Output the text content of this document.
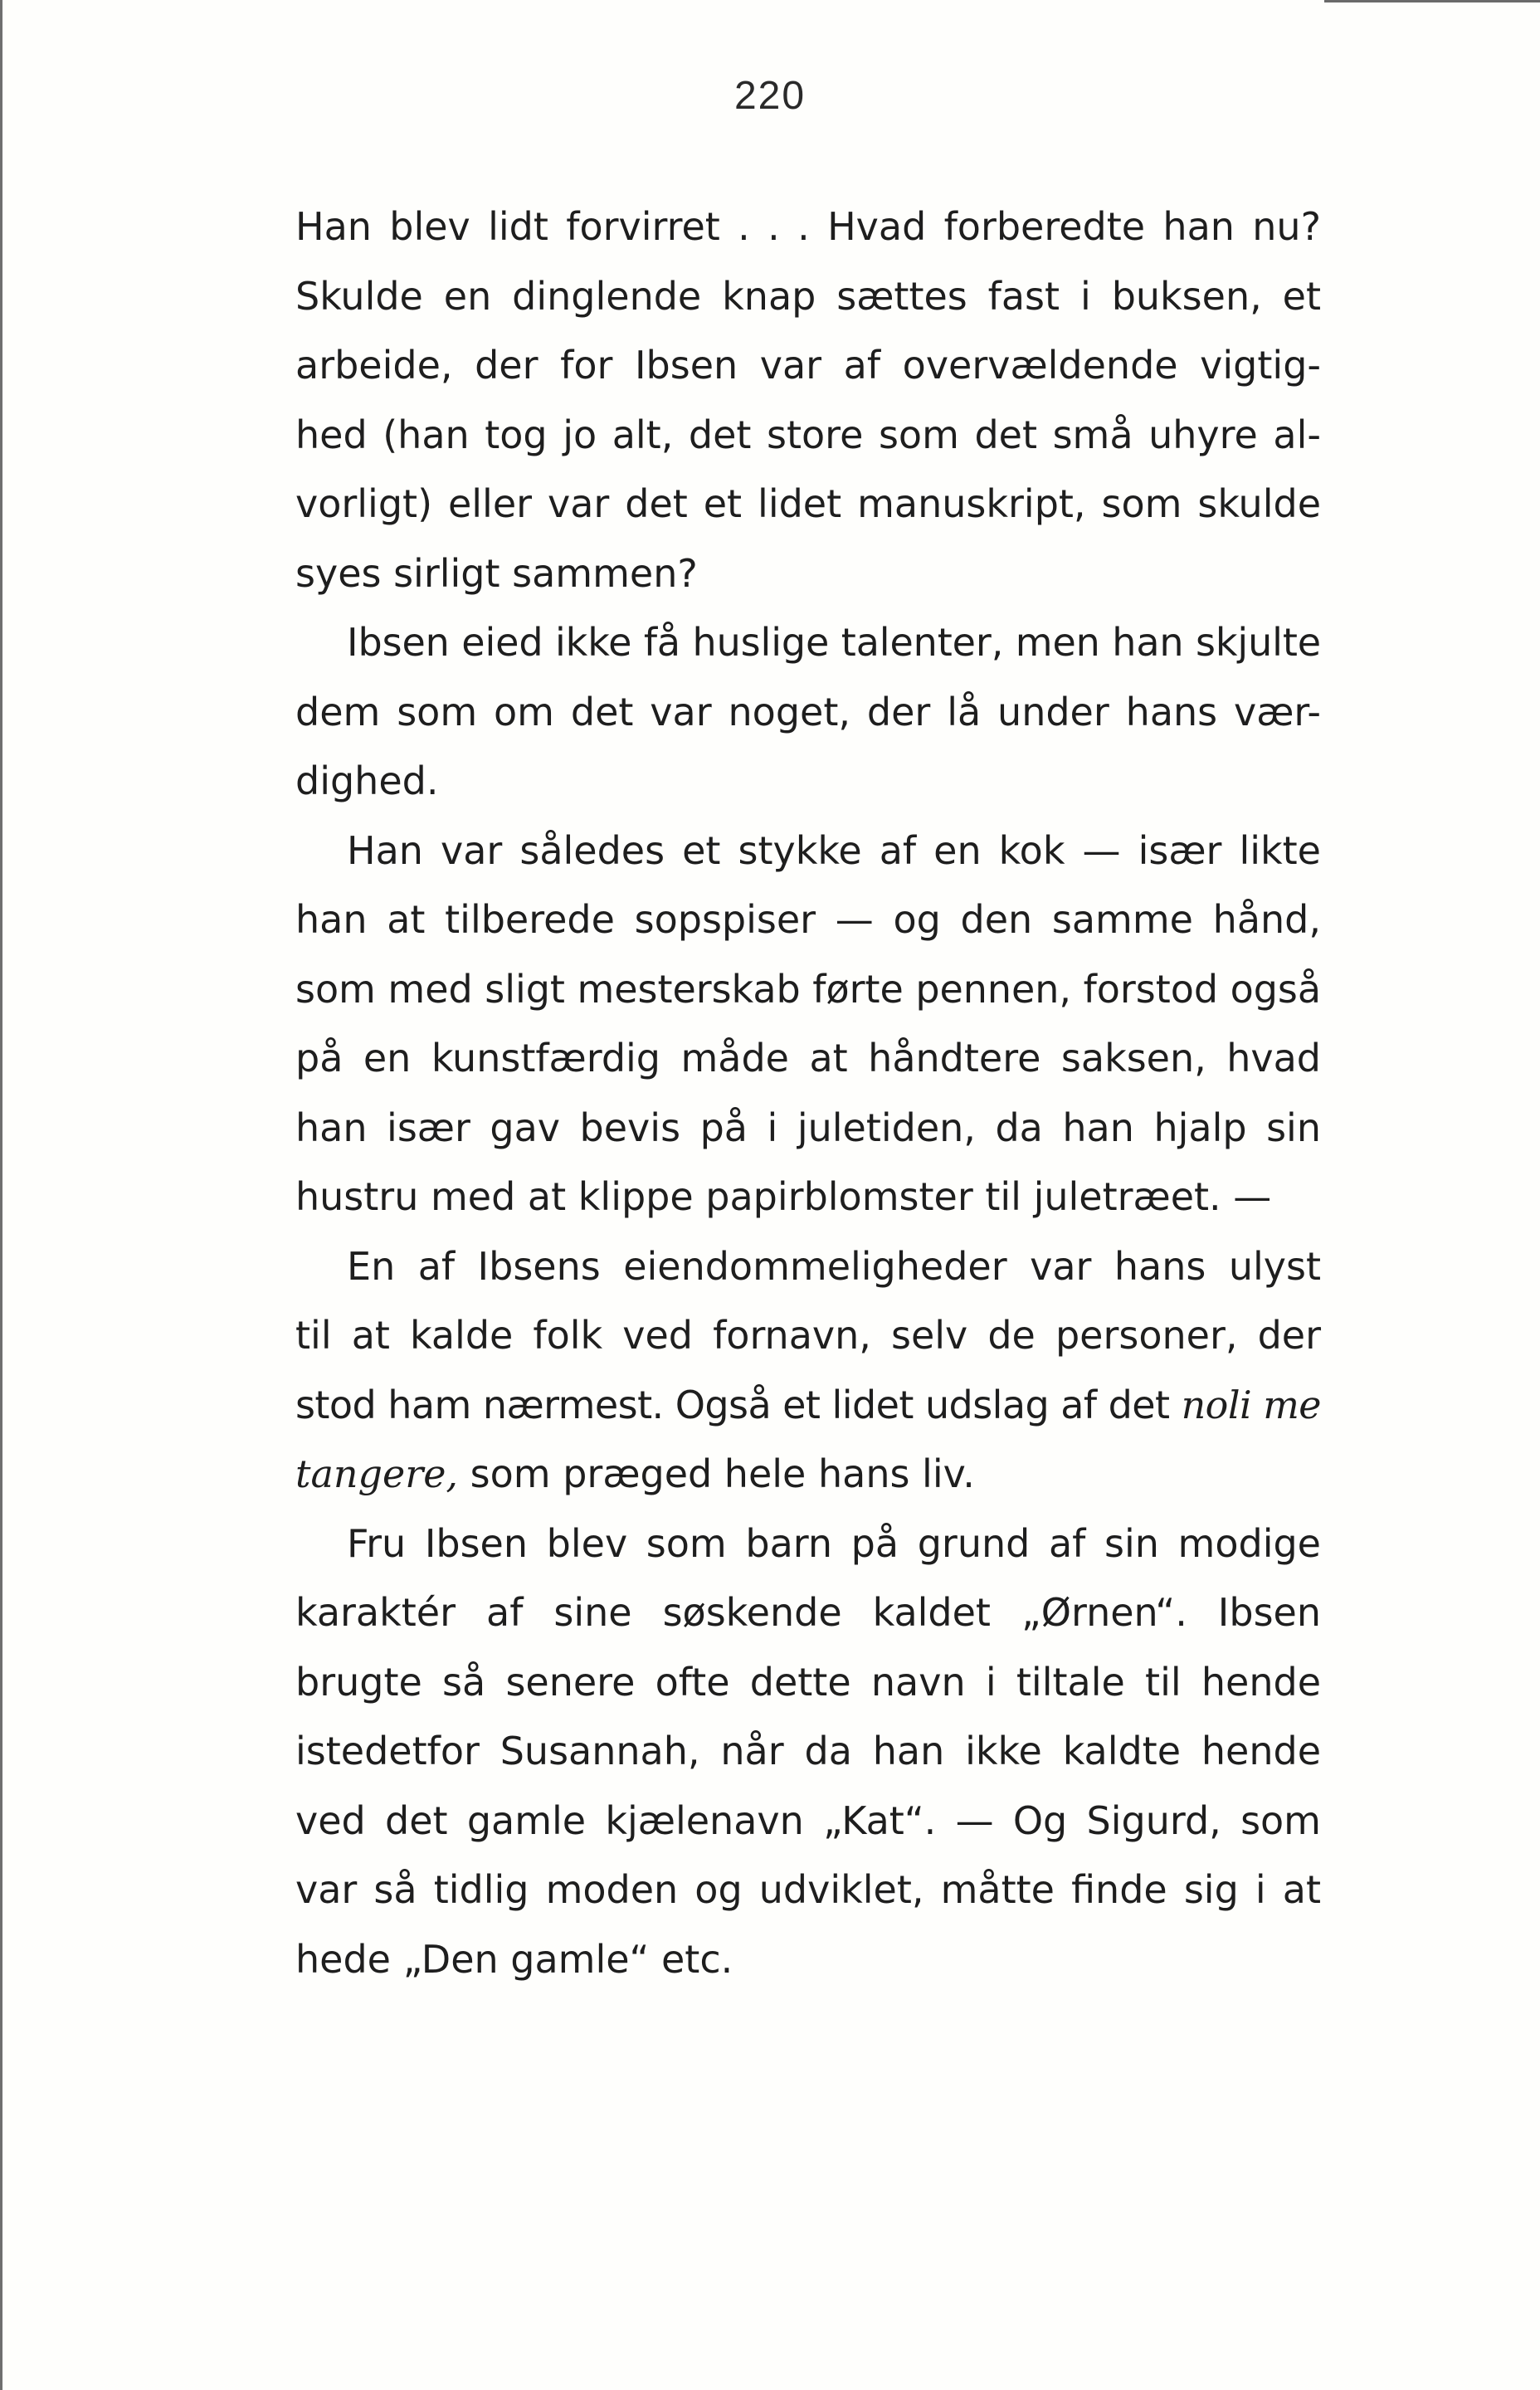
220
Han blev lidt forvirret . . . Hvad forberedte han nu?
Skulde en dinglende knap sættes fast i buksen, et
arbeide, der for Ibsen var af overvældende vigtig-
hed (han tog jo alt, det store som det små uhyre al-
vorligt) eller var det et lidet manuskript, som skulde
syes sirligt sammen?
Ibsen eied ikke få huslige talenter, men han skjulte
dem som om det var noget, der lå under hans vær-
dighed.
Han var således et stykke af en kok — især likte
han at tilberede sopspiser — og den samme hånd,
som med sligt mesterskab førte pennen, forstod også
på en kunstfærdig måde at håndtere saksen, hvad
han især gav bevis på i juletiden, da han hjalp sin
hustru med at klippe papirblomster til juletræet. —
En af Ibsens eiendommeligheder var hans ulyst
til at kalde folk ved fornavn, selv de personer, der
stod ham nærmest. Også et lidet udslag af det noli me
tangere, som præged hele hans liv.
Fru Ibsen blev som barn på grund af sin modige
karaktér af sine søskende kaldet „Ørnen“. Ibsen
brugte så senere ofte dette navn i tiltale til hende
istedetfor Susannah, når da han ikke kaldte hende
ved det gamle kjælenavn „Kat“. — Og Sigurd, som
var så tidlig moden og udviklet, måtte finde sig i at
hede „Den gamle“ etc.
